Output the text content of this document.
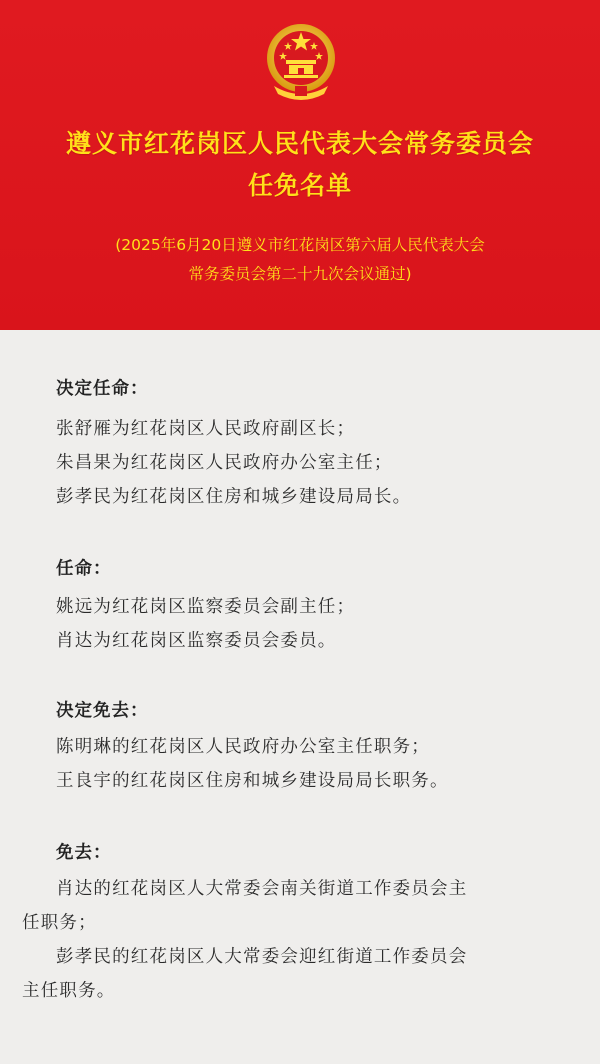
遵义市红花岗区人民代表大会常务委员会
任免名单
(2025年6月20日遵义市红花岗区第六届人民代表大会
常务委员会第二十九次会议通过)
决定任命：
张舒雁为红花岗区人民政府副区长；
朱昌果为红花岗区人民政府办公室主任；
彭孝民为红花岗区住房和城乡建设局局长。
任命：
姚远为红花岗区监察委员会副主任；
肖达为红花岗区监察委员会委员。
决定免去：
陈明琳的红花岗区人民政府办公室主任职务；
王良宇的红花岗区住房和城乡建设局局长职务。
免去：
肖达的红花岗区人大常委会南关街道工作委员会主
任职务；
彭孝民的红花岗区人大常委会迎红街道工作委员会
主任职务。
